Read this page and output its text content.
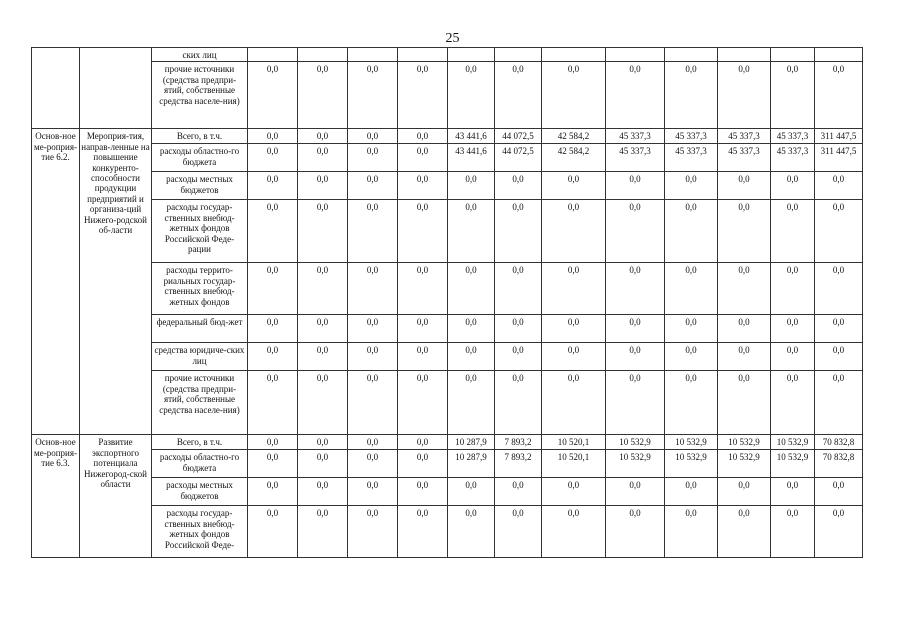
25
		ских лиц												
		прочие источники (средства предпри-ятий, собственные средства населе-ния)	0,0	0,0	0,0	0,0	0,0	0,0	0,0	0,0	0,0	0,0	0,0	0,0
Основ-ное ме-роприя-тие 6.2.	Мероприя-тия, направ-ленные на повышение конкуренто-способности продукции предприятий и организа-ций Нижего-родской об-ласти	Всего, в т.ч.	0,0	0,0	0,0	0,0	43 441,6	44 072,5	42 584,2	45 337,3	45 337,3	45 337,3	45 337,3	311 447,5
		расходы областно-го бюджета	0,0	0,0	0,0	0,0	43 441,6	44 072,5	42 584,2	45 337,3	45 337,3	45 337,3	45 337,3	311 447,5
		расходы местных бюджетов	0,0	0,0	0,0	0,0	0,0	0,0	0,0	0,0	0,0	0,0	0,0	0,0
		расходы государ-ственных внебюд-жетных фондов Российской Феде-рации	0,0	0,0	0,0	0,0	0,0	0,0	0,0	0,0	0,0	0,0	0,0	0,0
		расходы террито-риальных государ-ственных внебюд-жетных фондов	0,0	0,0	0,0	0,0	0,0	0,0	0,0	0,0	0,0	0,0	0,0	0,0
		федеральный бюд-жет	0,0	0,0	0,0	0,0	0,0	0,0	0,0	0,0	0,0	0,0	0,0	0,0
		средства юридиче-ских лиц	0,0	0,0	0,0	0,0	0,0	0,0	0,0	0,0	0,0	0,0	0,0	0,0
		прочие источники (средства предпри-ятий, собственные средства населе-ния)	0,0	0,0	0,0	0,0	0,0	0,0	0,0	0,0	0,0	0,0	0,0	0,0
Основ-ное ме-роприя-тие 6.3.	Развитие экспортного потенциала Нижегород-ской области	Всего, в т.ч.	0,0	0,0	0,0	0,0	10 287,9	7 893,2	10 520,1	10 532,9	10 532,9	10 532,9	10 532,9	70 832,8
		расходы областно-го бюджета	0,0	0,0	0,0	0,0	10 287,9	7 893,2	10 520,1	10 532,9	10 532,9	10 532,9	10 532,9	70 832,8
		расходы местных бюджетов	0,0	0,0	0,0	0,0	0,0	0,0	0,0	0,0	0,0	0,0	0,0	0,0
		расходы государ-ственных внебюд-жетных фондов Российской Феде-	0,0	0,0	0,0	0,0	0,0	0,0	0,0	0,0	0,0	0,0	0,0	0,0
